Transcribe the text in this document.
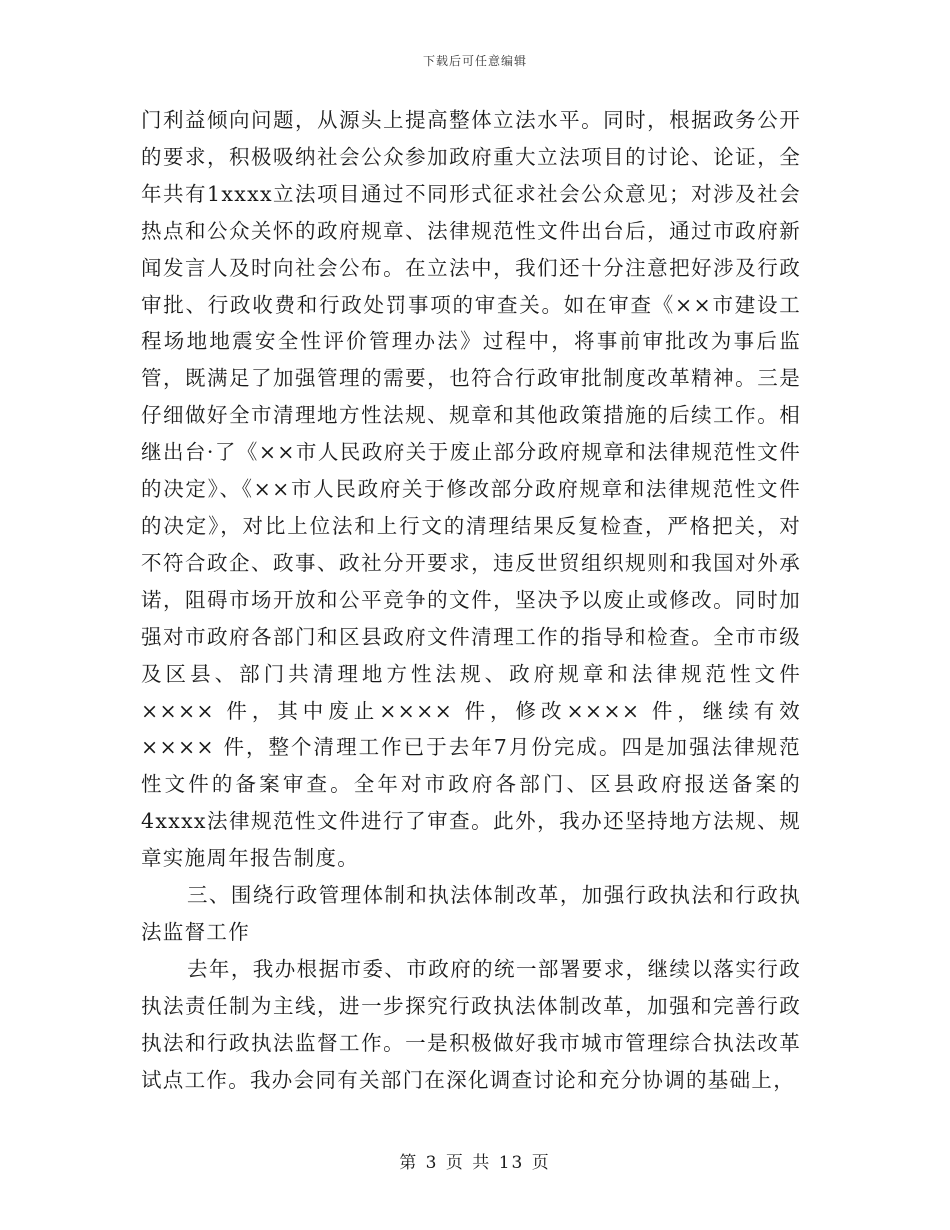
下载后可任意编辑

门利益倾向问题，从源头上提高整体立法水平。同时，根据政务公开的要求，积极吸纳社会公众参加政府重大立法项目的讨论、论证，全年共有1xxxx立法项目通过不同形式征求社会公众意见；对涉及社会热点和公众关怀的政府规章、法律规范性文件出台后，通过市政府新闻发言人及时向社会公布。在立法中，我们还十分注意把好涉及行政审批、行政收费和行政处罚事项的审查关。如在审查《××市建设工程场地地震安全性评价管理办法》过程中，将事前审批改为事后监管，既满足了加强管理的需要，也符合行政审批制度改革精神。三是仔细做好全市清理地方性法规、规章和其他政策措施的后续工作。相继出台·了《××市人民政府关于废止部分政府规章和法律规范性文件的决定》、《××市人民政府关于修改部分政府规章和法律规范性文件的决定》，对比上位法和上行文的清理结果反复检查，严格把关，对不符合政企、政事、政社分开要求，违反世贸组织规则和我国对外承诺，阻碍市场开放和公平竞争的文件，坚决予以废止或修改。同时加强对市政府各部门和区县政府文件清理工作的指导和检查。全市市级及区县、部门共清理地方性法规、政府规章和法律规范性文件×××× 件，其中废止×××× 件，修改×××× 件，继续有效×××× 件，整个清理工作已于去年7月份完成。四是加强法律规范性文件的备案审查。全年对市政府各部门、区县政府报送备案的4xxxx法律规范性文件进行了审查。此外，我办还坚持地方法规、规章实施周年报告制度。

三、围绕行政管理体制和执法体制改革，加强行政执法和行政执法监督工作

去年，我办根据市委、市政府的统一部署要求，继续以落实行政执法责任制为主线，进一步探究行政执法体制改革，加强和完善行政执法和行政执法监督工作。一是积极做好我市城市管理综合执法改革试点工作。我办会同有关部门在深化调查讨论和充分协调的基础上，

第 3 页 共 13 页
